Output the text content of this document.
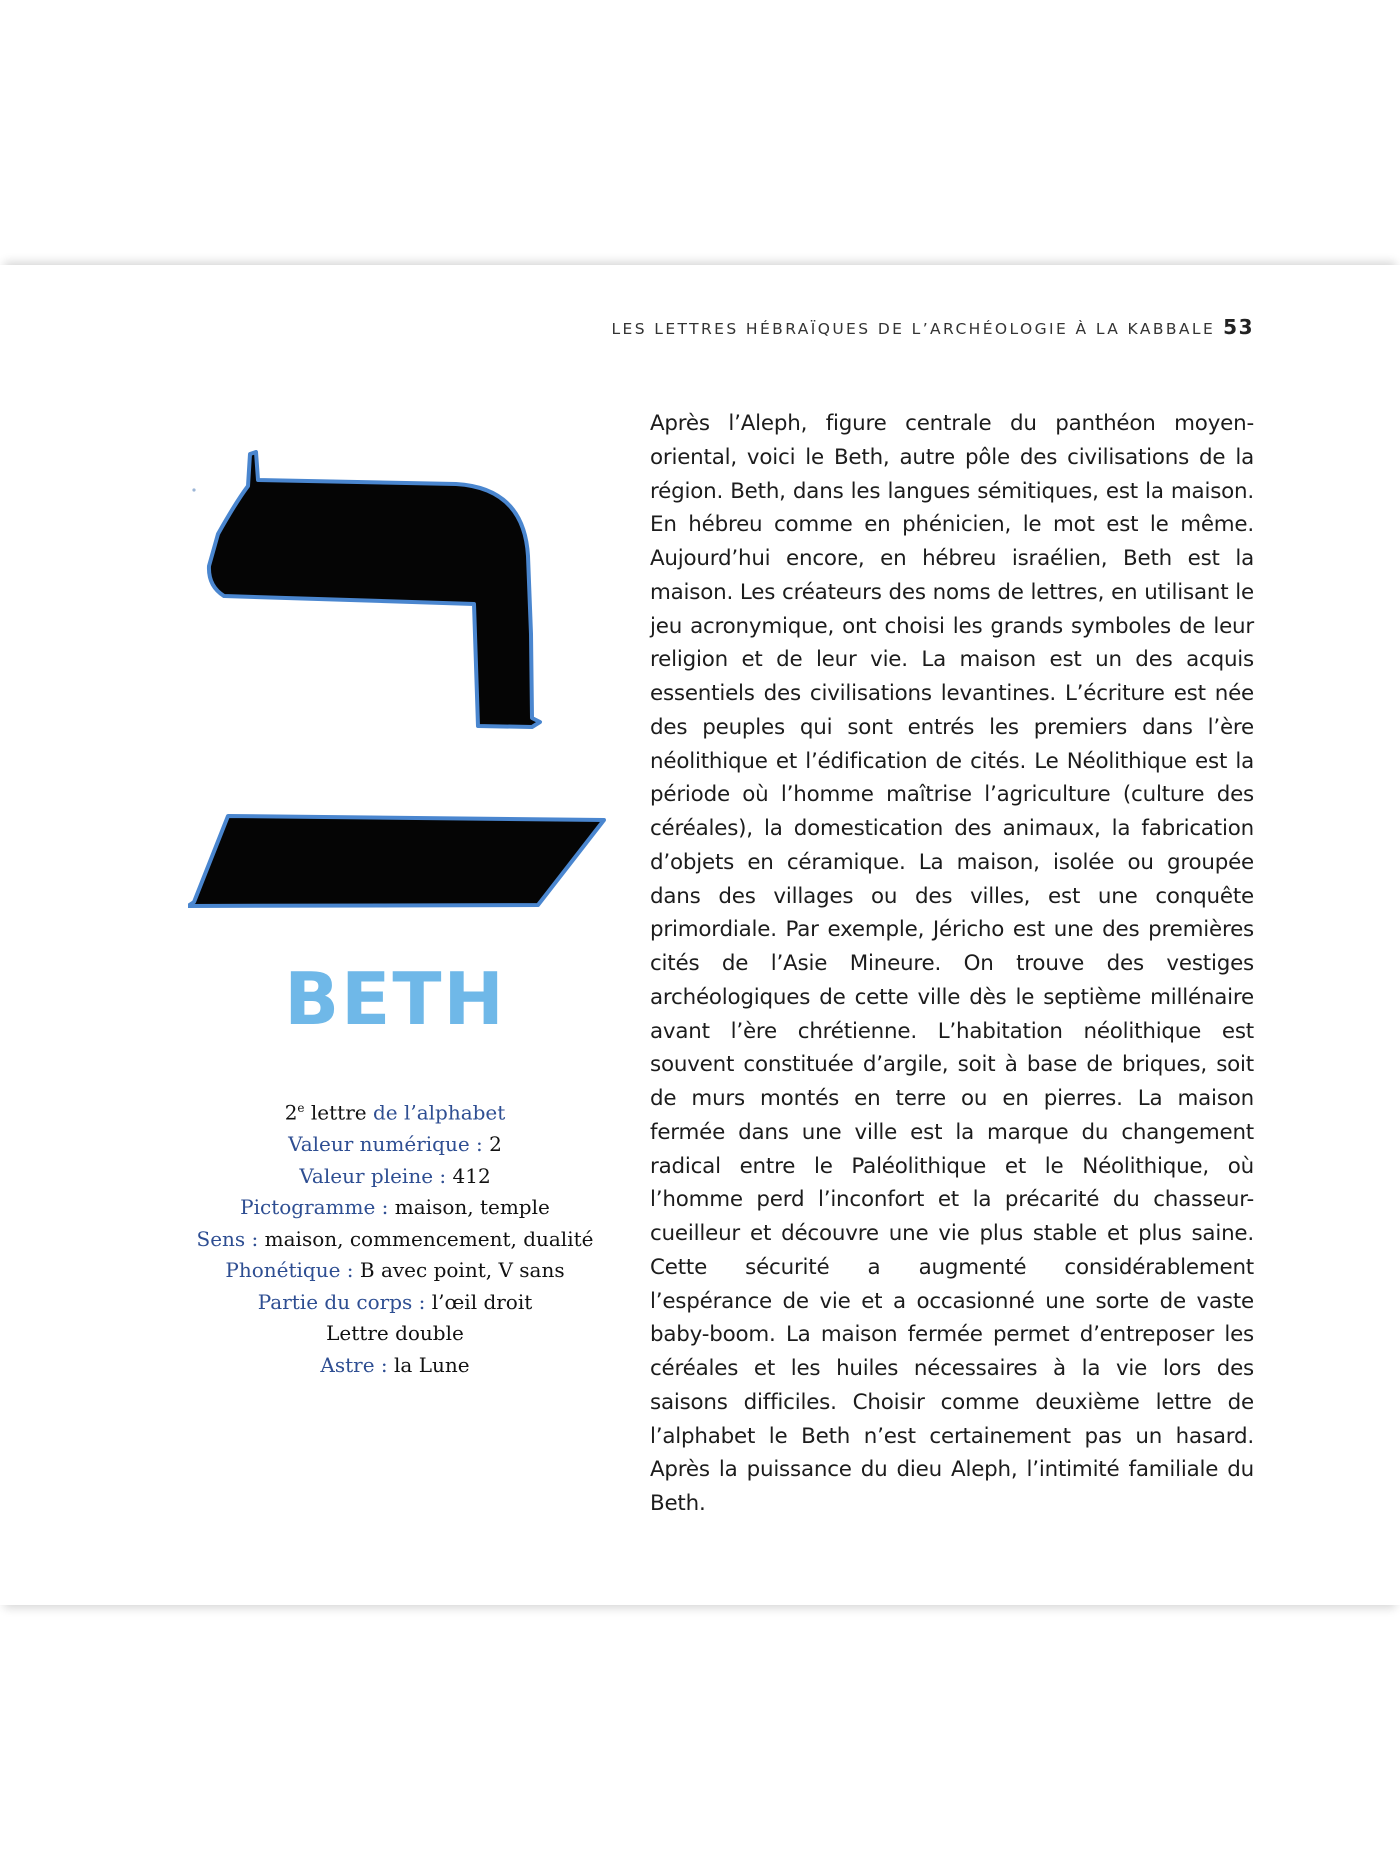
LES LETTRES HÉBRAÏQUES DE L’ARCHÉOLOGIE À LA KABBALE 53
BETH
2e lettre de l’alphabet
Valeur numérique : 2
Valeur pleine : 412
Pictogramme : maison, temple
Sens : maison, commencement, dualité
Phonétique : B avec point, V sans
Partie du corps : l’œil droit
Lettre double
Astre : la Lune

Après l’Aleph, figure centrale du panthéon moyen-oriental, voici le Beth, autre pôle des civilisations de la région. Beth, dans les langues sémitiques, est la maison. En hébreu comme en phénicien, le mot est le même. Aujourd’hui encore, en hébreu israélien, Beth est la maison. Les créateurs des noms de lettres, en utilisant le jeu acronymique, ont choisi les grands symboles de leur religion et de leur vie. La maison est un des acquis essentiels des civilisations levantines. L’écriture est née des peuples qui sont entrés les premiers dans l’ère néolithique et l’édification de cités. Le Néolithique est la période où l’homme maîtrise l’agriculture (culture des céréales), la domestication des animaux, la fabrication d’objets en céramique. La maison, isolée ou groupée dans des villages ou des villes, est une conquête primordiale. Par exemple, Jéricho est une des premières cités de l’Asie Mineure. On trouve des vestiges archéologiques de cette ville dès le septième millénaire avant l’ère chrétienne. L’habitation néolithique est souvent constituée d’argile, soit à base de briques, soit de murs montés en terre ou en pierres. La maison fermée dans une ville est la marque du changement radical entre le Paléolithique et le Néolithique, où l’homme perd l’inconfort et la précarité du chasseur-cueilleur et découvre une vie plus stable et plus saine. Cette sécurité a augmenté considérablement l’espérance de vie et a occasionné une sorte de vaste baby-boom. La maison fermée permet d’entreposer les céréales et les huiles nécessaires à la vie lors des saisons difficiles. Choisir comme deuxième lettre de l’alphabet le Beth n’est certainement pas un hasard. Après la puissance du dieu Aleph, l’intimité familiale du Beth.
